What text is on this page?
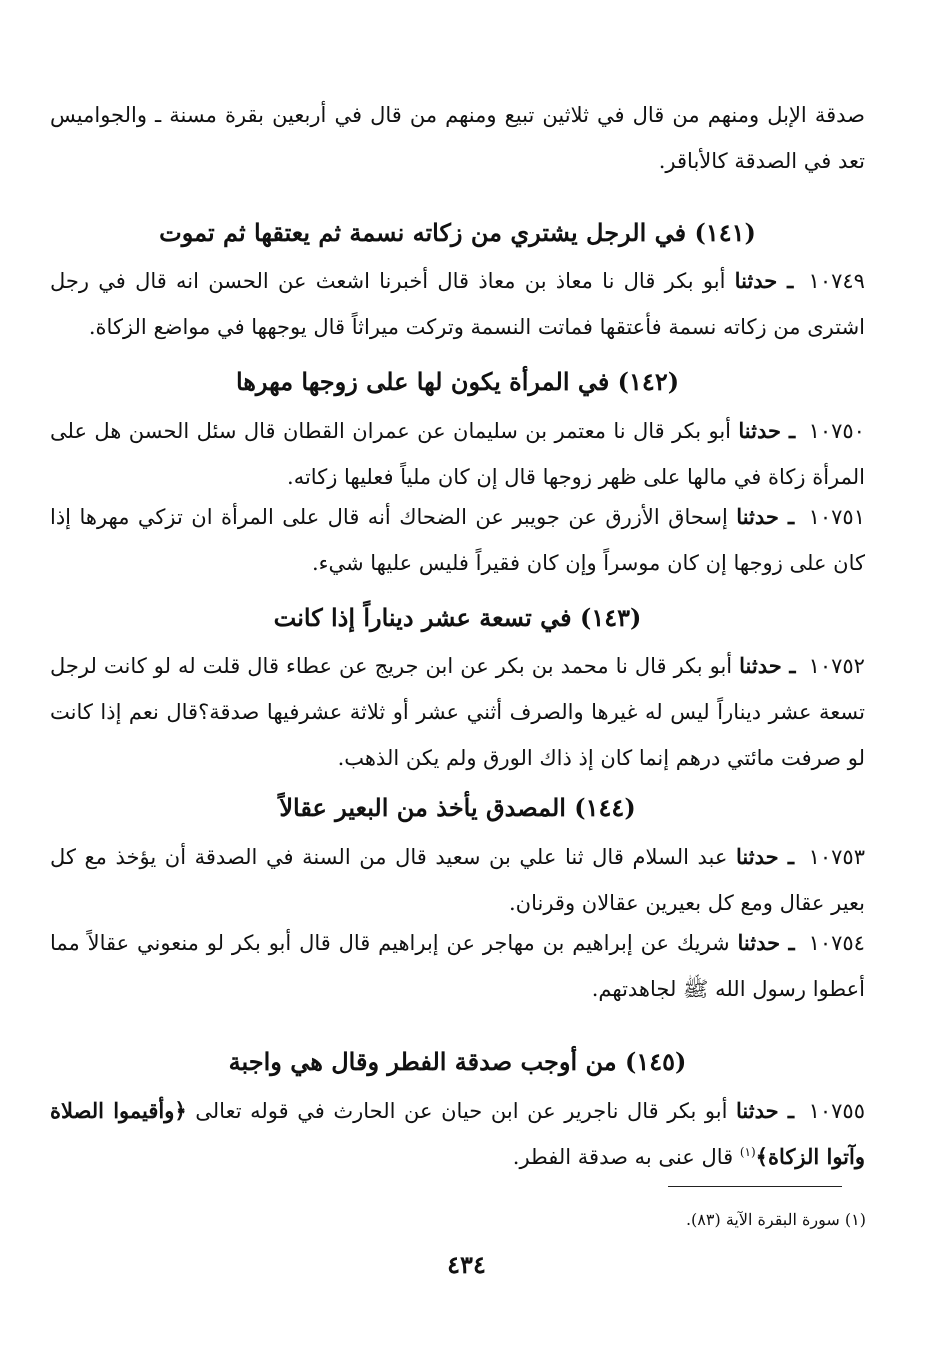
صدقة الإبل ومنهم من قال في ثلاثين تبيع ومنهم من قال في أربعين بقرة مسنة ـ والجواميس تعد في الصدقة كالأباقر.
(١٤١) في الرجل يشتري من زكاته نسمة ثم يعتقها ثم تموت
١٠٧٤٩ ـ حدثنا أبو بكر قال نا معاذ بن معاذ قال أخبرنا اشعث عن الحسن انه قال في رجل اشترى من زكاته نسمة فأعتقها فماتت النسمة وتركت ميراثاً قال يوجهها في مواضع الزكاة.
(١٤٢) في المرأة يكون لها على زوجها مهرها
١٠٧٥٠ ـ حدثنا أبو بكر قال نا معتمر بن سليمان عن عمران القطان قال سئل الحسن هل على المرأة زكاة في مالها على ظهر زوجها قال إن كان ملياً فعليها زكاته.
١٠٧٥١ ـ حدثنا إسحاق الأزرق عن جويبر عن الضحاك أنه قال على المرأة ان تزكي مهرها إذا كان على زوجها إن كان موسراً وإن كان فقيراً فليس عليها شيء.
(١٤٣) في تسعة عشر ديناراً إذا كانت
١٠٧٥٢ ـ حدثنا أبو بكر قال نا محمد بن بكر عن ابن جريج عن عطاء قال قلت له لو كانت لرجل تسعة عشر ديناراً ليس له غيرها والصرف أثني عشر أو ثلاثة عشرفيها صدقة؟قال نعم إذا كانت لو صرفت مائتي درهم إنما كان إذ ذاك الورق ولم يكن الذهب.
(١٤٤) المصدق يأخذ من البعير عقالاً
١٠٧٥٣ ـ حدثنا عبد السلام قال ثنا علي بن سعيد قال من السنة في الصدقة أن يؤخذ مع كل بعير عقال ومع كل بعيرين عقالان وقرنان.
١٠٧٥٤ ـ حدثنا شريك عن إبراهيم بن مهاجر عن إبراهيم قال قال أبو بكر لو منعوني عقالاً مما أعطوا رسول الله ﷺ لجاهدتهم.
(١٤٥) من أوجب صدقة الفطر وقال هي واجبة
١٠٧٥٥ ـ حدثنا أبو بكر قال ناجرير عن ابن حيان عن الحارث في قوله تعالى ﴿وأقيموا الصلاة وآتوا الزكاة﴾$^{(١)}$ قال عنى به صدقة الفطر.
(١) سورة البقرة الآية (٨٣).
٤٣٤
